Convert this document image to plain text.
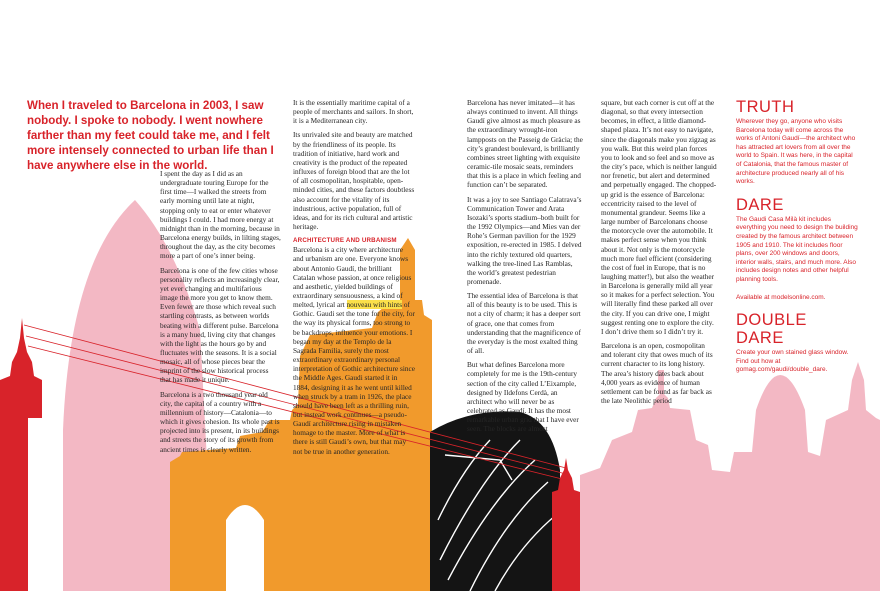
When I traveled to Barcelona in 2003, I saw nobody. I spoke to nobody. I went nowhere farther than my feet could take me, and I felt more intensely connected to urban life than I have anywhere else in the world.

I spent the day as I did as an undergraduate touring Europe for the first time—I walked the streets from early morning until late at night, stopping only to eat or enter whatever buildings I could. I had more energy at midnight than in the morning, because in Barcelona energy builds, in lilting stages, throughout the day, as the city becomes more a part of one’s inner being.

Barcelona is one of the few cities whose personality reflects an increasingly clear, yet ever changing and multifarious image the more you get to know them. Even fewer are those which reveal such startling contrasts, as between worlds beating with a different pulse. Barcelona is a many hued, living city that changes with the light as the hours go by and fluctuates with the seasons. It is a social mosaic, all of whose pieces bear the imprint of the slow historical process that has made it unique.

Barcelona is a two thousand year old city, the capital of a country with a millennium of history—Catalonia—to which it gives cohesion. Its whole past is projected into its present, in its buildings and streets the story of its growth from ancient times is clearly written.

It is the essentially maritime capital of a people of merchants and sailors. In short, it is a Mediterranean city.

Its unrivaled site and beauty are matched by the friendliness of its people. Its tradition of initiative, hard work and creativity is the product of the repeated influxes of foreign blood that are the lot of all cosmopolitan, hospitable, open-minded cities, and these factors doubtless also account for the vitality of its industrious, active population, full of ideas, and for its rich cultural and artistic heritage.

ARCHITECTURE AND URBANISM

Barcelona is a city where architecture and urbanism are one. Everyone knows about Antonio Gaudí, the brilliant Catalan whose passion, at once religious and aesthetic, yielded buildings of extraordinary sensuousness, a kind of melted, lyrical art nouveau with hints of Gothic. Gaudi set the tone for the city, for the way its physical forms, too strong to be backdrops, influence your emotions. I began my day at the Templo de la Sagrada Familia, surely the most extraordinary extraordinary personal interpretation of Gothic architecture since the Middle Ages. Gaudi started it in 1884, designing it as he went until killed when struck by a tram in 1926, the place should have been left as a thrilling ruin, but instead work continues—a pseudo-Gaudí architecture rising in mistaken homage to the master. More of what is there is still Gaudi’s own, but that may not be true in another generation.

Barcelona has never imitated—it has always continued to invent. All things Gaudí give almost as much pleasure as the extraordinary wrought-iron lampposts on the Passeig de Gràcia; the city’s grandest boulevard, is brilliantly combines street lighting with exquisite ceramic-tile mosaic seats, reminders that this is a place in which feeling and function can’t be separated.

It was a joy to see Santiago Calatrava’s Communication Tower and Arata Isozaki’s sports stadium–both built for the 1992 Olympics—and Mies van der Rohe’s German pavilion for the 1929 exposition, re-erected in 1985. I delved into the richly textured old quarters, walking the tree-lined Las Ramblas, the world’s greatest pedestrian promenade.

The essential idea of Barcelona is that all of this beauty is to be used. This is not a city of charm; it has a deeper sort of grace, one that comes from understanding that the magnificence of the everyday is the most exalted thing of all.

But what defines Barcelona more completely for me is the 19th-century section of the city called L’Eixample, designed by Ildefons Cerdà, an architect who will never be as celebrated as Gaudí. It has the most remarkable urban grid that I have ever seen. The blocks are almost

square, but each corner is cut off at the diagonal, so that every intersection becomes, in effect, a little diamond-shaped plaza. It’s not easy to navigate, since the diagonals make you zigzag as you walk. But this weird plan forces you to look and so feel and so move as the city’s pace, which is neither languid nor frenetic, but alert and determined and perpetually engaged. The chopped-up grid is the essence of Barcelona: eccentricity raised to the level of monumental grandeur. Seems like a large number of Barcelonans choose the motorcycle over the automobile. It makes perfect sense when you think about it. Not only is the motorcycle much more fuel efficient (considering the cost of fuel in Europe, that is no laughing matter!), but also the weather in Barcelona is generally mild all year so it makes for a perfect selection. You will literally find these parked all over the city. If you can drive one, I might suggest renting one to explore the city. I don’t drive them so I didn’t try it.

Barcelona is an open, cosmopolitan and tolerant city that owes much of its current character to its long history. The area’s history dates back about 4,000 years as evidence of human settlement can be found as far back as the late Neolithic period

TRUTH

Wherever they go, anyone who visits Barcelona today will come across the works of Antoni Gaudí—the architect who has attracted art lovers from all over the world to Spain. It was here, in the capital of Catalonia, that the famous master of architecture produced nearly all of his works.

DARE

The Gaudi Casa Milà kit includes everything you need to design the building created by the famous architect between 1905 and 1910. The kit includes floor plans, over 200 windows and doors, interior walls, stairs, and much more. Also includes design notes and other helpful planning tools.

Available at modelsonline.com.

DOUBLE DARE

Create your own stained glass window. Find out how at gomag.com/gaudi/double_dare.
